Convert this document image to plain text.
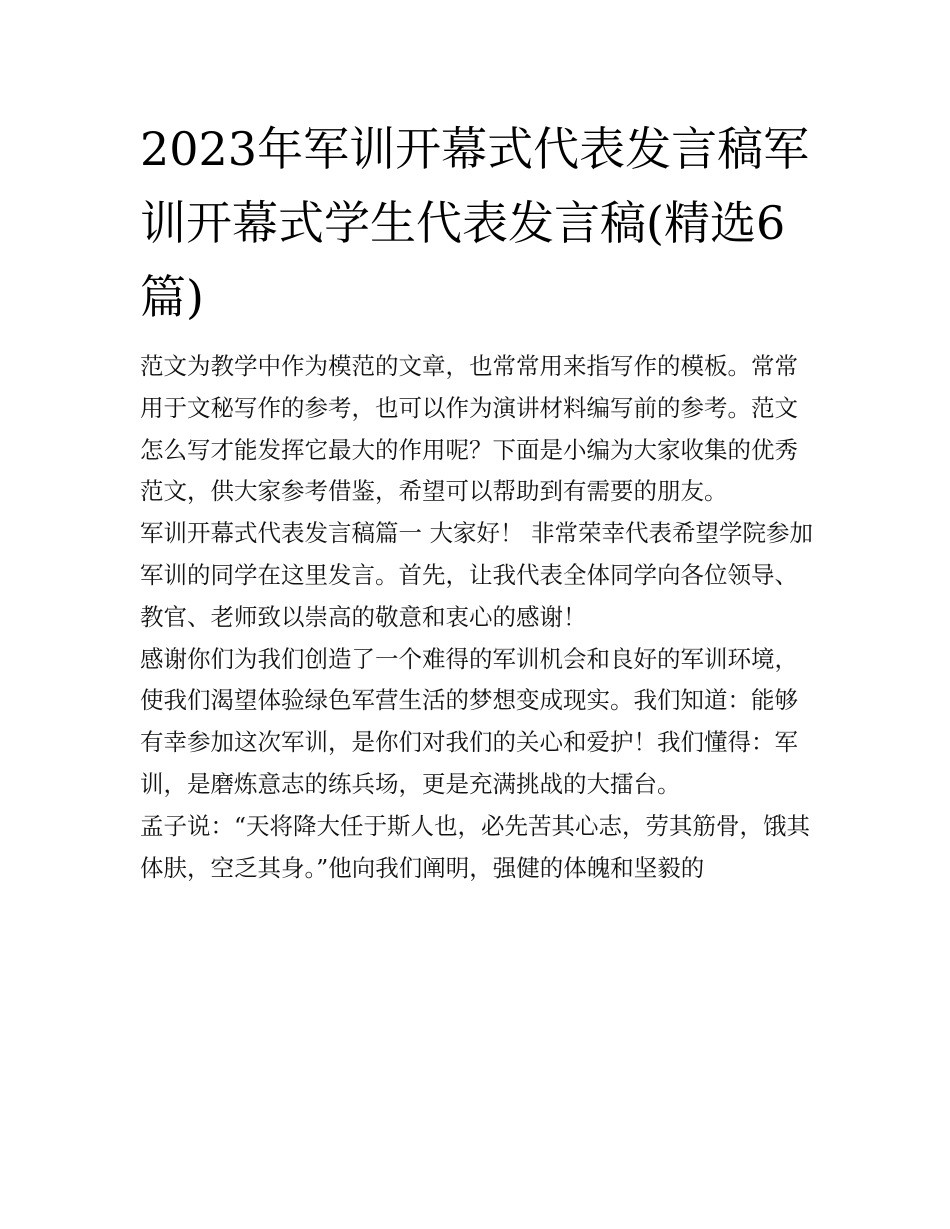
2023年军训开幕式代表发言稿军训开幕式学生代表发言稿(精选6篇)

范文为教学中作为模范的文章，也常常用来指写作的模板。常常用于文秘写作的参考，也可以作为演讲材料编写前的参考。范文怎么写才能发挥它最大的作用呢？下面是小编为大家收集的优秀范文，供大家参考借鉴，希望可以帮助到有需要的朋友。

军训开幕式代表发言稿篇一 大家好！ 非常荣幸代表希望学院参加军训的同学在这里发言。首先，让我代表全体同学向各位领导、教官、老师致以崇高的敬意和衷心的感谢！

感谢你们为我们创造了一个难得的军训机会和良好的军训环境，使我们渴望体验绿色军营生活的梦想变成现实。我们知道：能够有幸参加这次军训，是你们对我们的关心和爱护！我们懂得：军训，是磨炼意志的练兵场，更是充满挑战的大擂台。

孟子说：“天将降大任于斯人也，必先苦其心志，劳其筋骨，饿其体肤，空乏其身。”他向我们阐明，强健的体魄和坚毅的
